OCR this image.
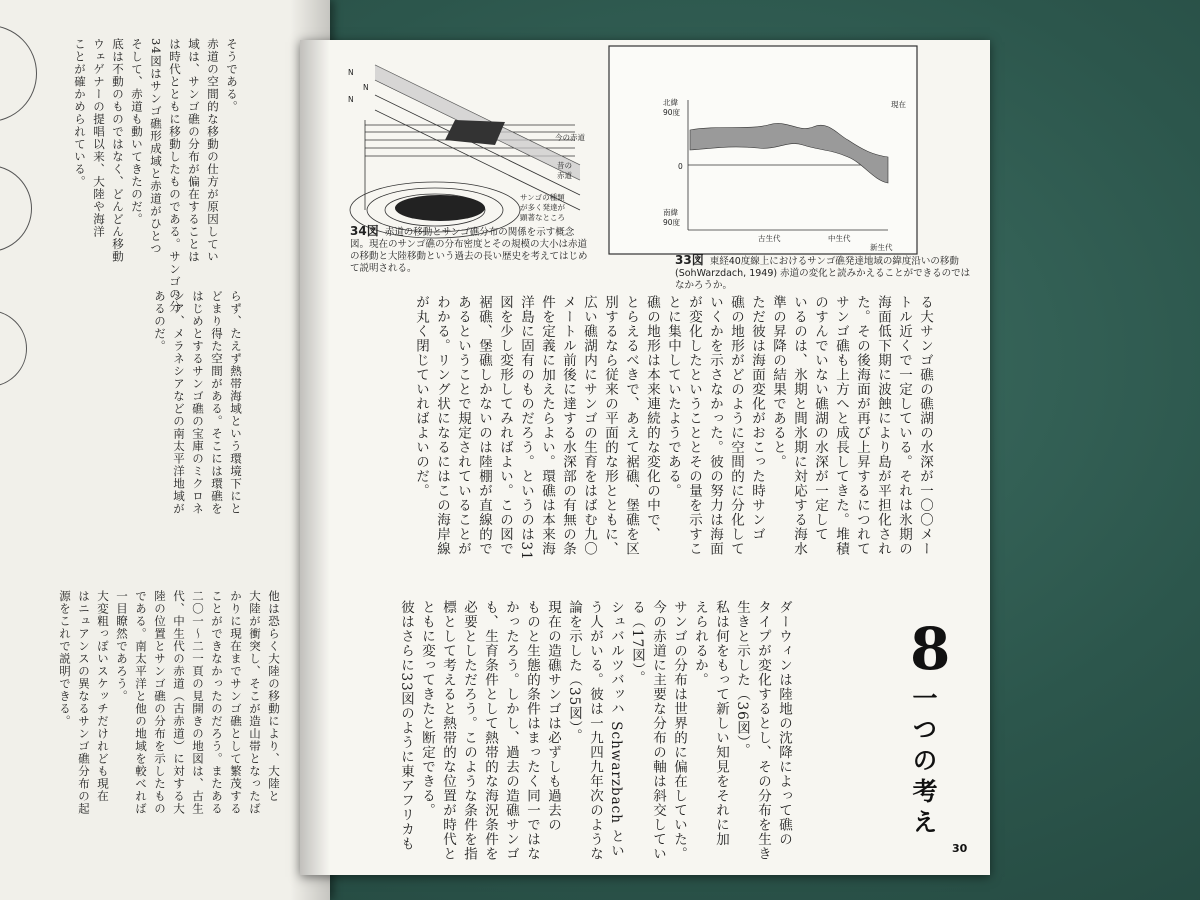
そうである。
赤道の空間的な移動の仕方が原因してい
域は、サンゴ礁の分布が偏在することは
は時代とともに移動したものである。サンゴの分
34図はサンゴ礁形成域と赤道がひとつ
そして、赤道も動いてきたのだ。
底は不動のものではなく、どんどん移動
ウェゲナーの提唱以来、大陸や海洋
ことが確かめられている。
らず、たえず熱帯海域という環境下にと
どまり得た空間がある。そこには環礁を
はじめとするサンゴ礁の宝庫のミクロネ
シア、メラネシアなどの南太平洋地域が
あるのだ。
他は恐らく大陸の移動により、大陸と
大陸が衝突し、そこが造山帯となったば
かりに現在までサンゴ礁として繁茂する
ことができなかったのだろう。またある
二〇一～二一頁の見開きの地図は、古生
代、中生代の赤道（古赤道）に対する大
陸の位置とサンゴ礁の分布を示したもの
である。南太平洋と他の地域を較べれば
一目瞭然であろう。
大変粗っぽいスケッチだけれども現在
はニュアンスの異なるサンゴ礁分布の起
源をこれで説明できる。
N
N
N
今の赤道
昔の
赤道
サンゴの種類
が多く発達が
顕著なところ
34図 赤道の移動とサンゴ礁分布の関係を示す概念図。現在のサンゴ礁の分布密度とその規模の大小は赤道の移動と大陸移動という過去の長い歴史を考えてはじめて説明される。
北緯
90度
0
南緯
90度
現在
古生代	中生代
新生代
33図 東経40度線上におけるサンゴ礁発達地域の緯度沿いの移動(SohWarzdach, 1949) 赤道の変化と読みかえることができるのではなかろうか。
る大サンゴ礁の礁湖の水深が一〇〇メー
トル近くで一定している。それは氷期の
海面低下期に波蝕により島が平担化され
た。その後海面が再び上昇するにつれて
サンゴ礁も上方へと成長してきた。堆積
のすんでいない礁湖の水深が一定して
いるのは、氷期と間氷期に対応する海水
準の昇降の結果であると。
ただ彼は海面変化がおこった時サンゴ
礁の地形がどのように空間的に分化して
いくかを示さなかった。彼の努力は海面
が変化したということとその量を示すこ
とに集中していたようである。
礁の地形は本来連続的な変化の中で、
とらえるべきで、あえて裾礁、堡礁を区
別するなら従来の平面的な形とともに、
広い礁湖内にサンゴの生育をはばむ九〇
メートル前後に達する水深部の有無の条
件を定義に加えたらよい。環礁は本来海
洋島に固有のものだろう。というのは31
図を少し変形してみればよい。この図で
裾礁、堡礁しかないのは陸棚が直線的で
あるということで規定されていることが
わかる。リング状になるにはこの海岸線
が丸く閉じていればよいのだ。
ダーウィンは陸地の沈降によって礁の
タイプが変化するとし、その分布を生き
生きと示した（36図）。
私は何をもって新しい知見をそれに加
えられるか。
サンゴの分布は世界的に偏在していた。
今の赤道に主要な分布の軸は斜交してい
る（17図）。
シュバルツバッハ Schwarzbach とい
う人がいる。彼は一九四九年次のような
論を示した（35図）。
現在の造礁サンゴは必ずしも過去の
ものと生態的条件はまったく同一ではな
かったろう。しかし、過去の造礁サンゴ
も、生育条件として熱帯的な海況条件を
必要としただろう。このような条件を指
標として考えると熱帯的な位置が時代と
ともに変ってきたと断定できる。
彼はさらに33図のように東アフリカも	8
一つの考え
30
